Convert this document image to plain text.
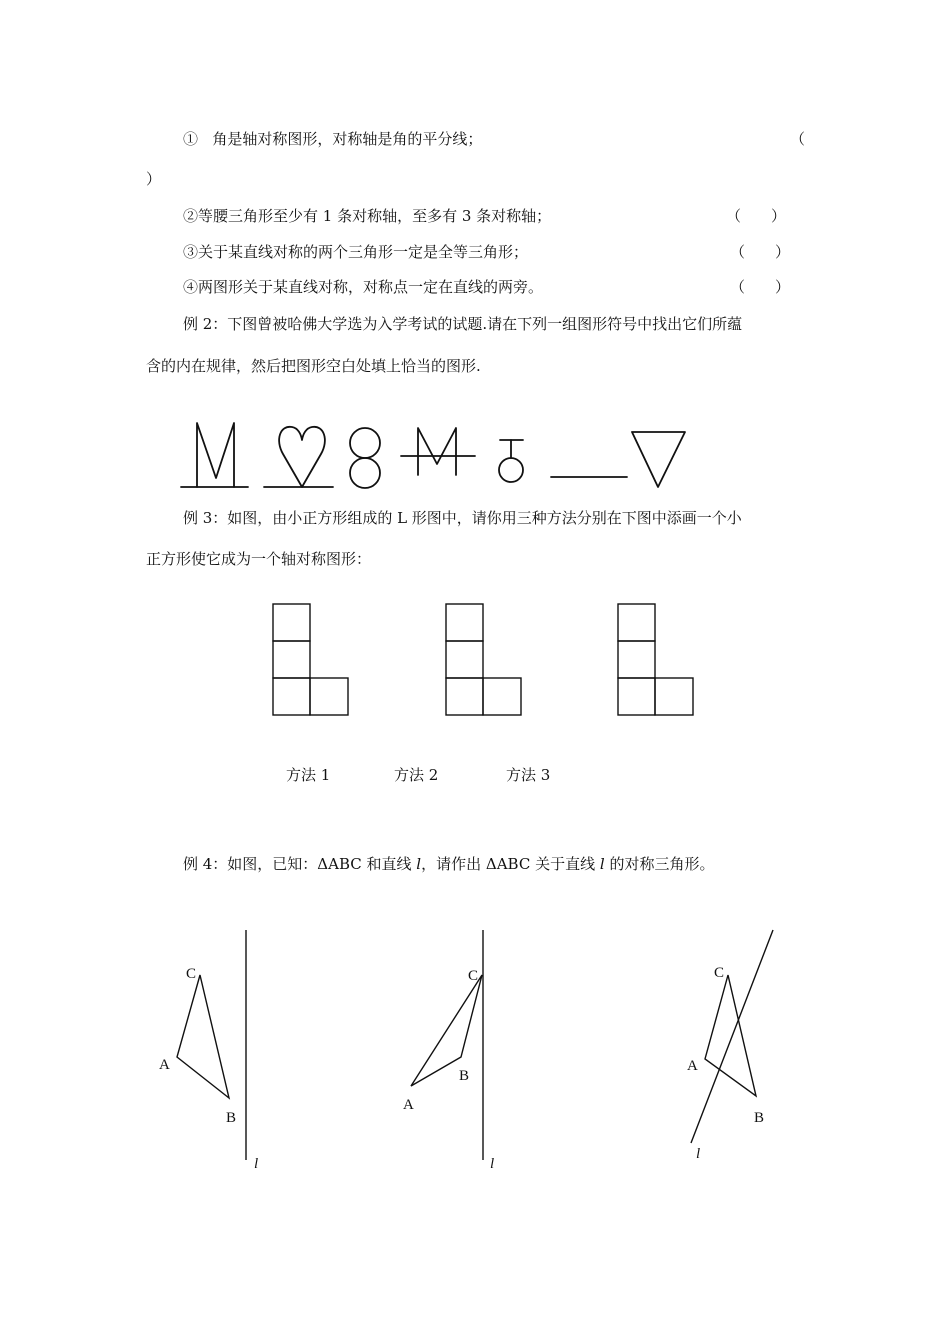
① 角是轴对称图形，对称轴是角的平分线；	（
）
②等腰三角形至少有 1 条对称轴，至多有 3 条对称轴；	（　　）
③关于某直线对称的两个三角形一定是全等三角形；	（　　）
④两图形关于某直线对称，对称点一定在直线的两旁。	（　　）
例 2：下图曾被哈佛大学选为入学考试的试题.请在下列一组图形符号中找出它们所蕴
含的内在规律，然后把图形空白处填上恰当的图形.
例 3：如图，由小正方形组成的 L 形图中，请你用三种方法分别在下图中添画一个小
正方形使它成为一个轴对称图形：
方法 1	方法 2	方法 3
例 4：如图，已知：ΔABC 和直线 l，请作出 ΔABC 关于直线 l 的对称三角形。
C
A
B
l
C
B
A
l
C
A
B
l
